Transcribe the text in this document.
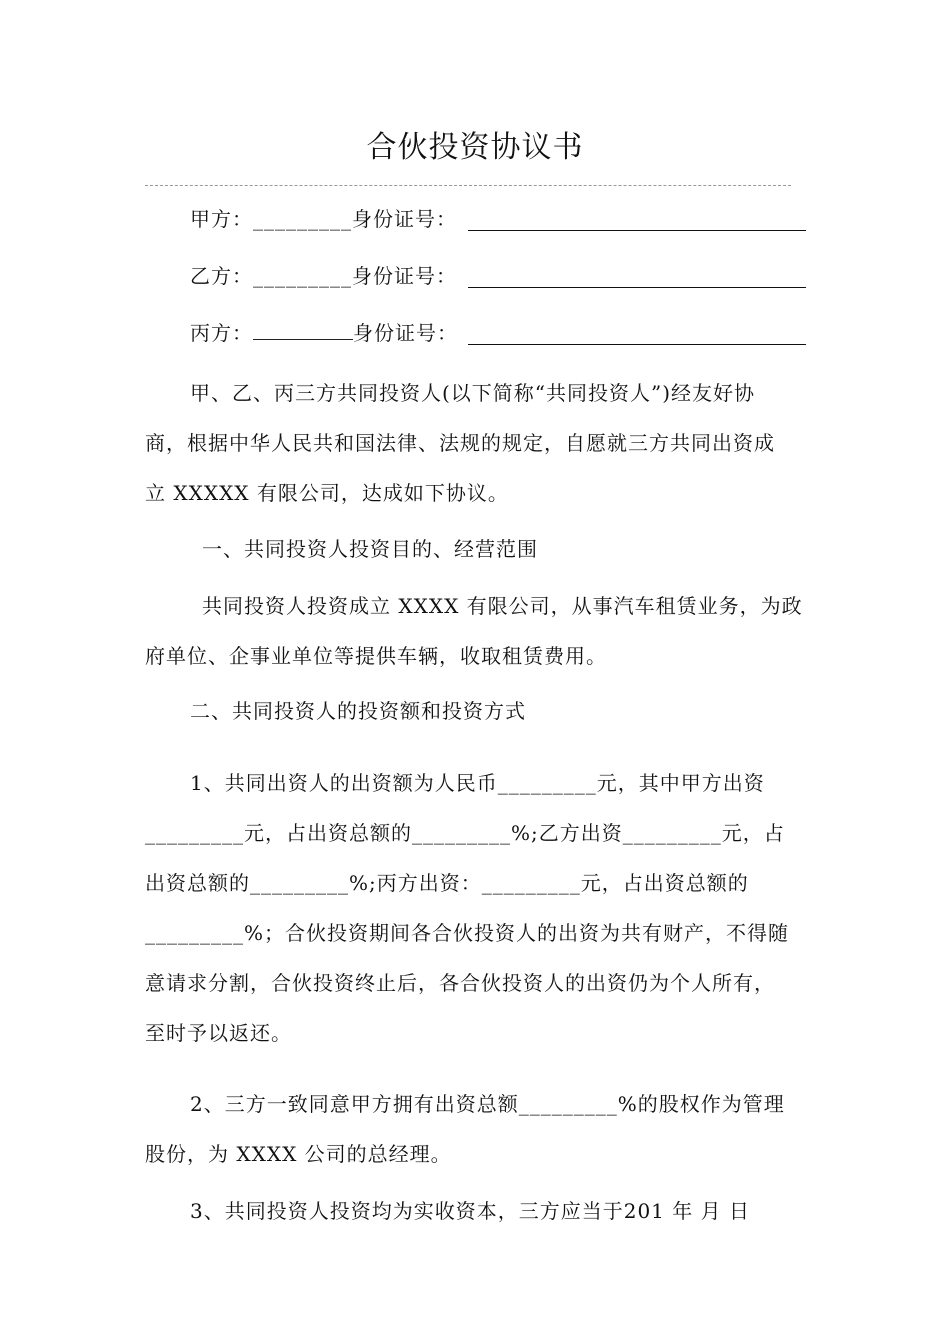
合伙投资协议书
甲方：_________身份证号：
乙方：_________身份证号：
丙方：	身份证号：
甲、乙、丙三方共同投资人(以下简称“共同投资人”)经友好协
商，根据中华人民共和国法律、法规的规定，自愿就三方共同出资成
立 XXXXX 有限公司，达成如下协议。
一、共同投资人投资目的、经营范围
共同投资人投资成立 XXXX 有限公司，从事汽车租赁业务，为政
府单位、企事业单位等提供车辆，收取租赁费用。
二、共同投资人的投资额和投资方式
1、共同出资人的出资额为人民币_________元，其中甲方出资
_________元，占出资总额的_________%;乙方出资_________元，占
出资总额的_________%;丙方出资：_________元，占出资总额的
_________%；合伙投资期间各合伙投资人的出资为共有财产，不得随
意请求分割，合伙投资终止后，各合伙投资人的出资仍为个人所有，
至时予以返还。
2、三方一致同意甲方拥有出资总额_________%的股权作为管理
股份，为 XXXX 公司的总经理。
3、共同投资人投资均为实收资本，三方应当于201 年 月 日
